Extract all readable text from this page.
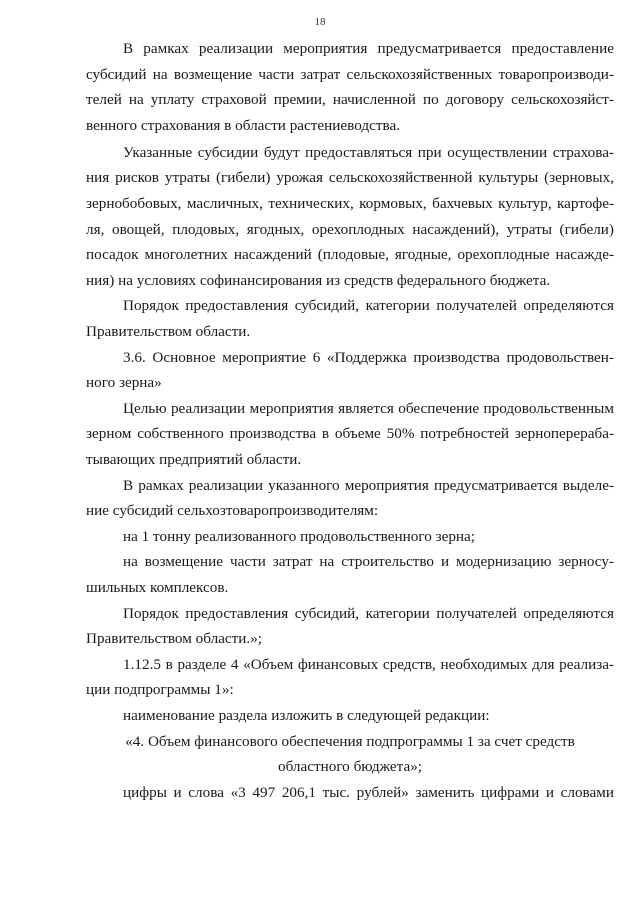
18
В рамках реализации мероприятия предусматривается предоставление
субсидий на возмещение части затрат сельскохозяйственных товаропроизводи-
телей на уплату страховой премии, начисленной по договору сельскохозяйст-
венного страхования в области растениеводства.
Указанные субсидии будут предоставляться при осуществлении страхова-
ния рисков утраты (гибели) урожая сельскохозяйственной культуры (зерновых,
зернобобовых, масличных, технических, кормовых, бахчевых культур, картофе-
ля, овощей, плодовых, ягодных, орехоплодных насаждений), утраты (гибели)
посадок многолетних насаждений (плодовые, ягодные, орехоплодные насажде-
ния) на условиях софинансирования из средств федерального бюджета.
Порядок предоставления субсидий, категории получателей определяются
Правительством области.
3.6. Основное мероприятие 6 «Поддержка производства продовольствен-
ного зерна»
Целью реализации мероприятия является обеспечение продовольственным
зерном собственного производства в объеме 50% потребностей зерноперераба-
тывающих предприятий области.
В рамках реализации указанного мероприятия предусматривается выделе-
ние субсидий сельхозтоваропроизводителям:
на 1 тонну реализованного продовольственного зерна;
на возмещение части затрат на строительство и модернизацию зерносу-
шильных комплексов.
Порядок предоставления субсидий, категории получателей определяются
Правительством области.»;
1.12.5 в разделе 4 «Объем финансовых средств, необходимых для реализа-
ции подпрограммы 1»:
наименование раздела изложить в следующей редакции:
«4. Объем финансового обеспечения подпрограммы 1 за счет средств
областного бюджета»;
цифры и слова «3 497 206,1 тыс. рублей» заменить цифрами и словами
